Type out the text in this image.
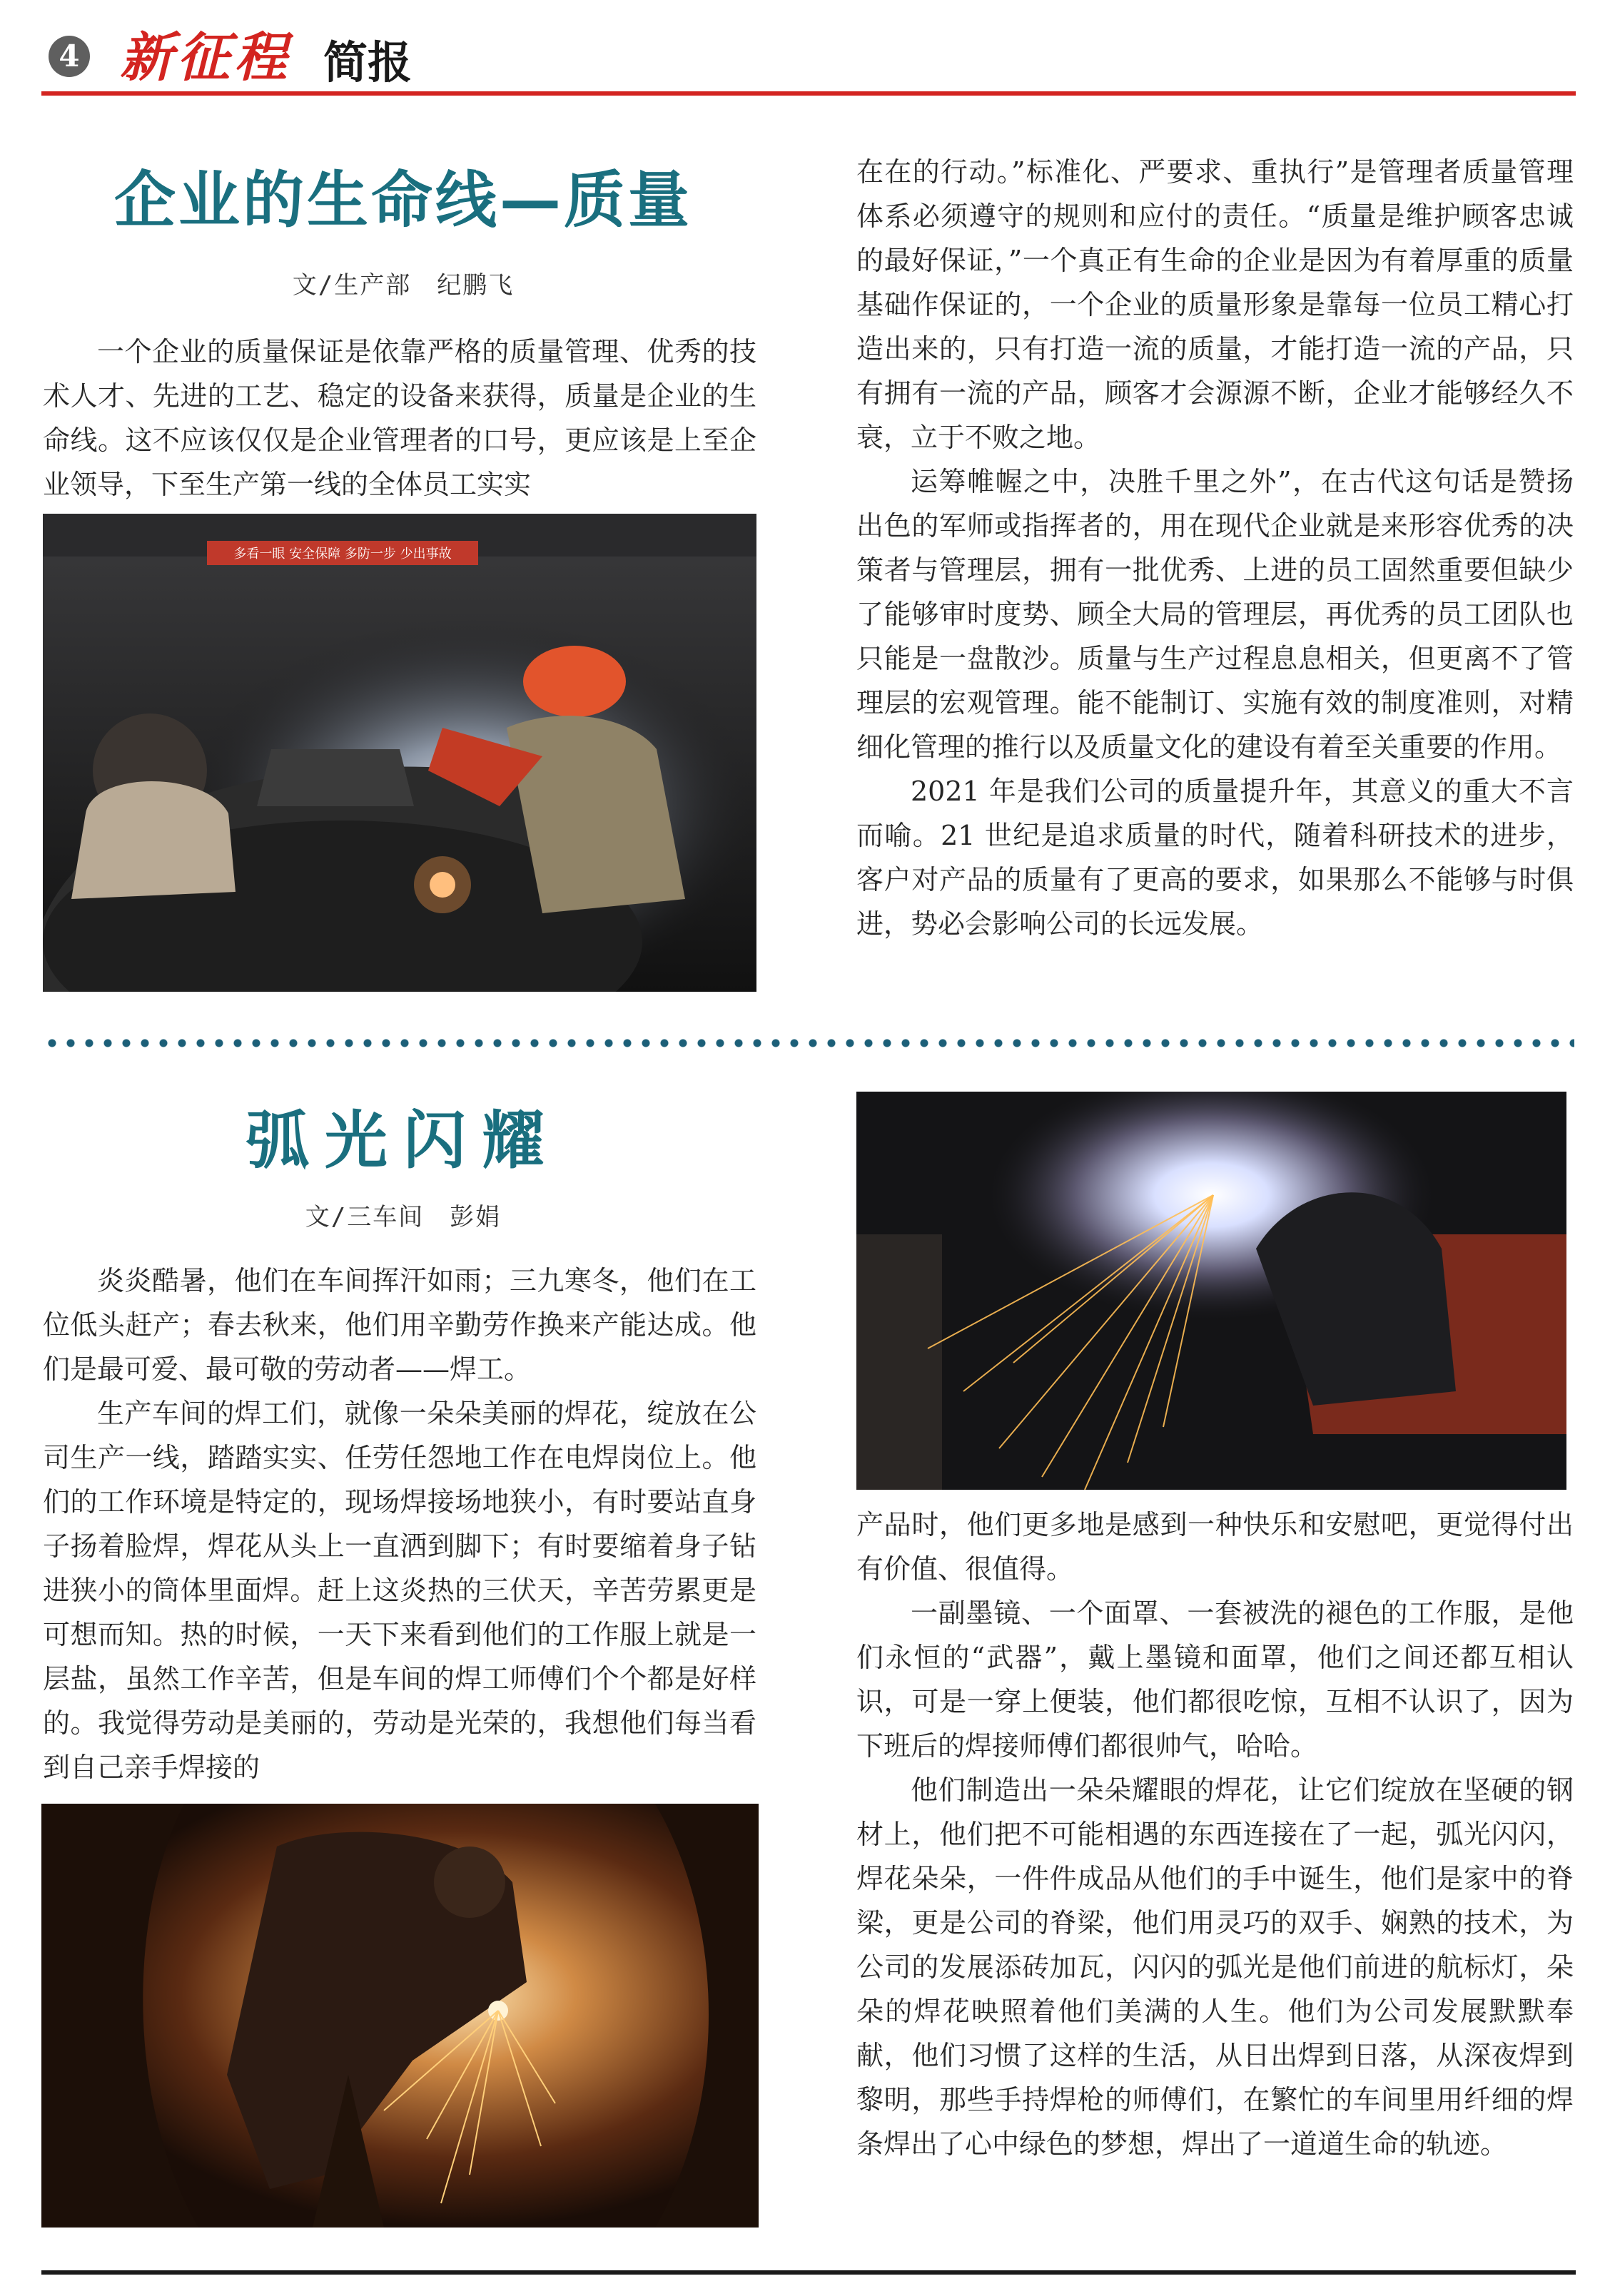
4 新征程 简报
企业的生命线—质量
文/生产部　纪鹏飞

一个企业的质量保证是依靠严格的质量管理、优秀的技术人才、先进的工艺、稳定的设备来获得，质量是企业的生命线。这不应该仅仅是企业管理者的口号，更应该是上至企业领导，下至生产第一线的全体员工实实

在在的行动。”标准化、严要求、重执行”是管理者质量管理体系必须遵守的规则和应付的责任。“质量是维护顾客忠诚的最好保证，”一个真正有生命的企业是因为有着厚重的质量基础作保证的，一个企业的质量形象是靠每一位员工精心打造出来的，只有打造一流的质量，才能打造一流的产品，只有拥有一流的产品，顾客才会源源不断，企业才能够经久不衰，立于不败之地。

运筹帷幄之中，决胜千里之外”，在古代这句话是赞扬出色的军师或指挥者的，用在现代企业就是来形容优秀的决策者与管理层，拥有一批优秀、上进的员工固然重要但缺少了能够审时度势、顾全大局的管理层，再优秀的员工团队也只能是一盘散沙。质量与生产过程息息相关，但更离不了管理层的宏观管理。能不能制订、实施有效的制度准则，对精细化管理的推行以及质量文化的建设有着至关重要的作用。

2021 年是我们公司的质量提升年，其意义的重大不言而喻。21 世纪是追求质量的时代，随着科研技术的进步，客户对产品的质量有了更高的要求，如果那么不能够与时俱进，势必会影响公司的长远发展。

弧光闪耀
文/三车间　彭娟

炎炎酷暑，他们在车间挥汗如雨；三九寒冬，他们在工位低头赶产；春去秋来，他们用辛勤劳作换来产能达成。他们是最可爱、最可敬的劳动者——焊工。

生产车间的焊工们，就像一朵朵美丽的焊花，绽放在公司生产一线，踏踏实实、任劳任怨地工作在电焊岗位上。他们的工作环境是特定的，现场焊接场地狭小，有时要站直身子扬着脸焊，焊花从头上一直洒到脚下；有时要缩着身子钻进狭小的筒体里面焊。赶上这炎热的三伏天，辛苦劳累更是可想而知。热的时候，一天下来看到他们的工作服上就是一层盐，虽然工作辛苦，但是车间的焊工师傅们个个都是好样的。我觉得劳动是美丽的，劳动是光荣的，我想他们每当看到自己亲手焊接的

产品时，他们更多地是感到一种快乐和安慰吧，更觉得付出有价值、很值得。

一副墨镜、一个面罩、一套被洗的褪色的工作服，是他们永恒的“武器”，戴上墨镜和面罩，他们之间还都互相认识，可是一穿上便装，他们都很吃惊，互相不认识了，因为下班后的焊接师傅们都很帅气，哈哈。

他们制造出一朵朵耀眼的焊花，让它们绽放在坚硬的钢材上，他们把不可能相遇的东西连接在了一起，弧光闪闪，焊花朵朵，一件件成品从他们的手中诞生，他们是家中的脊梁，更是公司的脊梁，他们用灵巧的双手、娴熟的技术，为公司的发展添砖加瓦，闪闪的弧光是他们前进的航标灯，朵朵的焊花映照着他们美满的人生。他们为公司发展默默奉献，他们习惯了这样的生活，从日出焊到日落，从深夜焊到黎明，那些手持焊枪的师傅们，在繁忙的车间里用纤细的焊条焊出了心中绿色的梦想，焊出了一道道生命的轨迹。
